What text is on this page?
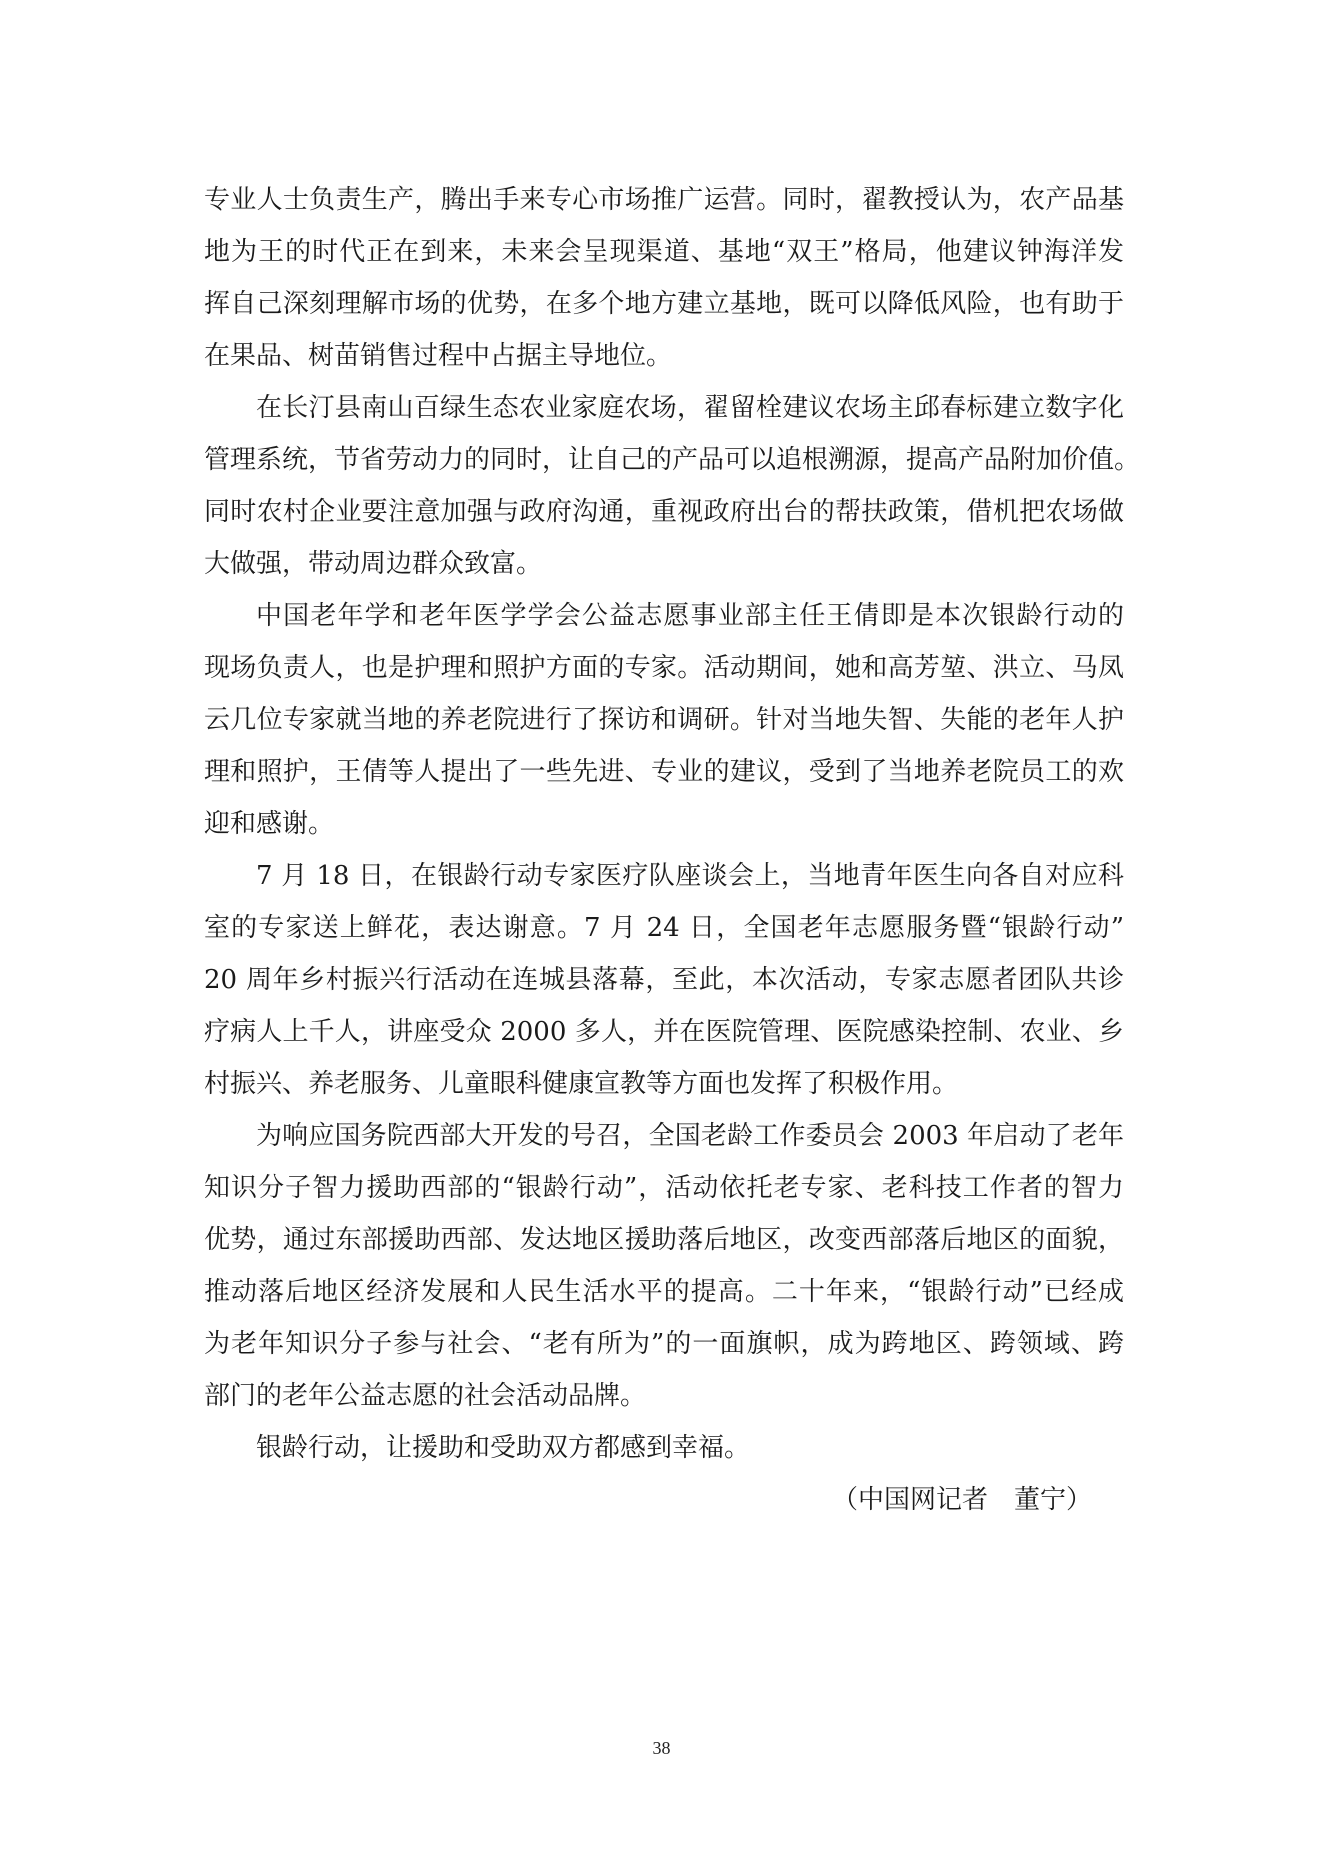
专业人士负责生产，腾出手来专心市场推广运营。同时，翟教授认为，农产品基
地为王的时代正在到来，未来会呈现渠道、基地“双王”格局，他建议钟海洋发
挥自己深刻理解市场的优势，在多个地方建立基地，既可以降低风险，也有助于
在果品、树苗销售过程中占据主导地位。
在长汀县南山百绿生态农业家庭农场，翟留栓建议农场主邱春标建立数字化
管理系统，节省劳动力的同时，让自己的产品可以追根溯源，提高产品附加价值。
同时农村企业要注意加强与政府沟通，重视政府出台的帮扶政策，借机把农场做
大做强，带动周边群众致富。
中国老年学和老年医学学会公益志愿事业部主任王倩即是本次银龄行动的
现场负责人，也是护理和照护方面的专家。活动期间，她和高芳堃、洪立、马凤
云几位专家就当地的养老院进行了探访和调研。针对当地失智、失能的老年人护
理和照护，王倩等人提出了一些先进、专业的建议，受到了当地养老院员工的欢
迎和感谢。
7 月 18 日，在银龄行动专家医疗队座谈会上，当地青年医生向各自对应科
室的专家送上鲜花，表达谢意。7 月 24 日，全国老年志愿服务暨“银龄行动”
20 周年乡村振兴行活动在连城县落幕，至此，本次活动，专家志愿者团队共诊
疗病人上千人，讲座受众 2000 多人，并在医院管理、医院感染控制、农业、乡
村振兴、养老服务、儿童眼科健康宣教等方面也发挥了积极作用。
为响应国务院西部大开发的号召，全国老龄工作委员会 2003 年启动了老年
知识分子智力援助西部的“银龄行动”，活动依托老专家、老科技工作者的智力
优势，通过东部援助西部、发达地区援助落后地区，改变西部落后地区的面貌，
推动落后地区经济发展和人民生活水平的提高。二十年来，“银龄行动”已经成
为老年知识分子参与社会、“老有所为”的一面旗帜，成为跨地区、跨领域、跨
部门的老年公益志愿的社会活动品牌。
银龄行动，让援助和受助双方都感到幸福。
（中国网记者　董宁）
38
